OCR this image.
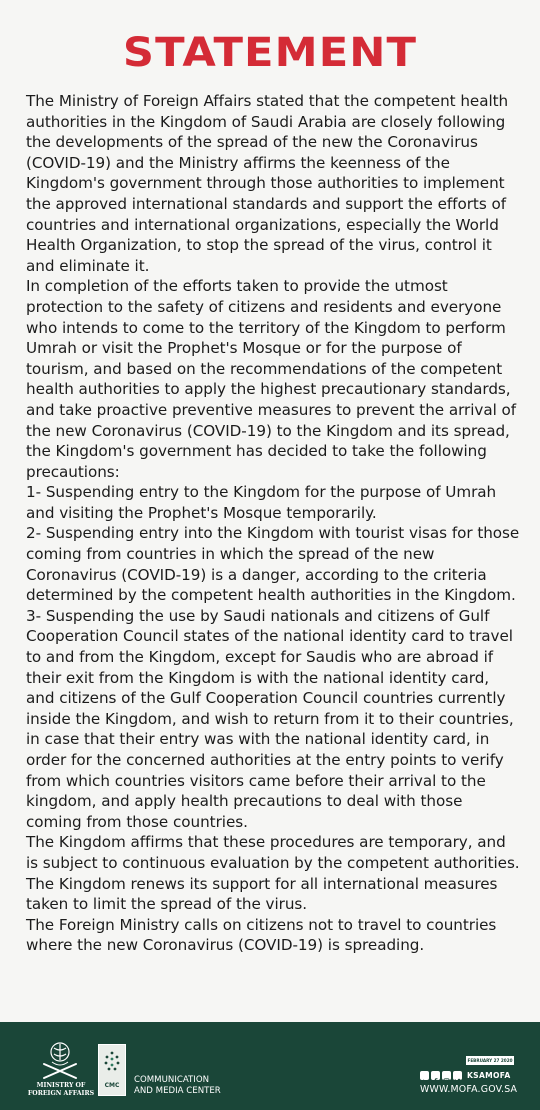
STATEMENT

The Ministry of Foreign Affairs stated that the competent health authorities in the Kingdom of Saudi Arabia are closely following the developments of the spread of the new the Coronavirus (COVID-19) and the Ministry affirms the keenness of the Kingdom's government through those authorities to implement the approved international standards and support the efforts of countries and international organizations, especially the World Health Organization, to stop the spread of the virus, control it and eliminate it.

In completion of the efforts taken to provide the utmost protection to the safety of citizens and residents and everyone who intends to come to the territory of the Kingdom to perform Umrah or visit the Prophet's Mosque or for the purpose of tourism, and based on the recommendations of the competent health authorities to apply the highest precautionary standards, and take proactive preventive measures to prevent the arrival of the new Coronavirus (COVID-19) to the Kingdom and its spread, the Kingdom's government has decided to take the following precautions:

1- Suspending entry to the Kingdom for the purpose of Umrah and visiting the Prophet's Mosque temporarily.

2- Suspending entry into the Kingdom with tourist visas for those coming from countries in which the spread of the new Coronavirus (COVID-19) is a danger, according to the criteria determined by the competent health authorities in the Kingdom.

3- Suspending the use by Saudi nationals and citizens of Gulf Cooperation Council states of the national identity card to travel to and from the Kingdom, except for Saudis who are abroad if their exit from the Kingdom is with the national identity card, and citizens of the Gulf Cooperation Council countries currently inside the Kingdom, and wish to return from it to their countries, in case that their entry was with the national identity card, in order for the concerned authorities at the entry points to verify from which countries visitors came before their arrival to the kingdom, and apply health precautions to deal with those coming from those countries.

The Kingdom affirms that these procedures are temporary, and is subject to continuous evaluation by the competent authorities.

The Kingdom renews its support for all international measures taken to limit the spread of the virus.

The Foreign Ministry calls on citizens not to travel to countries where the new Coronavirus (COVID-19) is spreading.

MINISTRY OF
FOREIGN AFFAIRS
CMC
COMMUNICATION
AND MEDIA CENTER
FEBRUARY 27 2020
KSAMOFA
WWW.MOFA.GOV.SA
